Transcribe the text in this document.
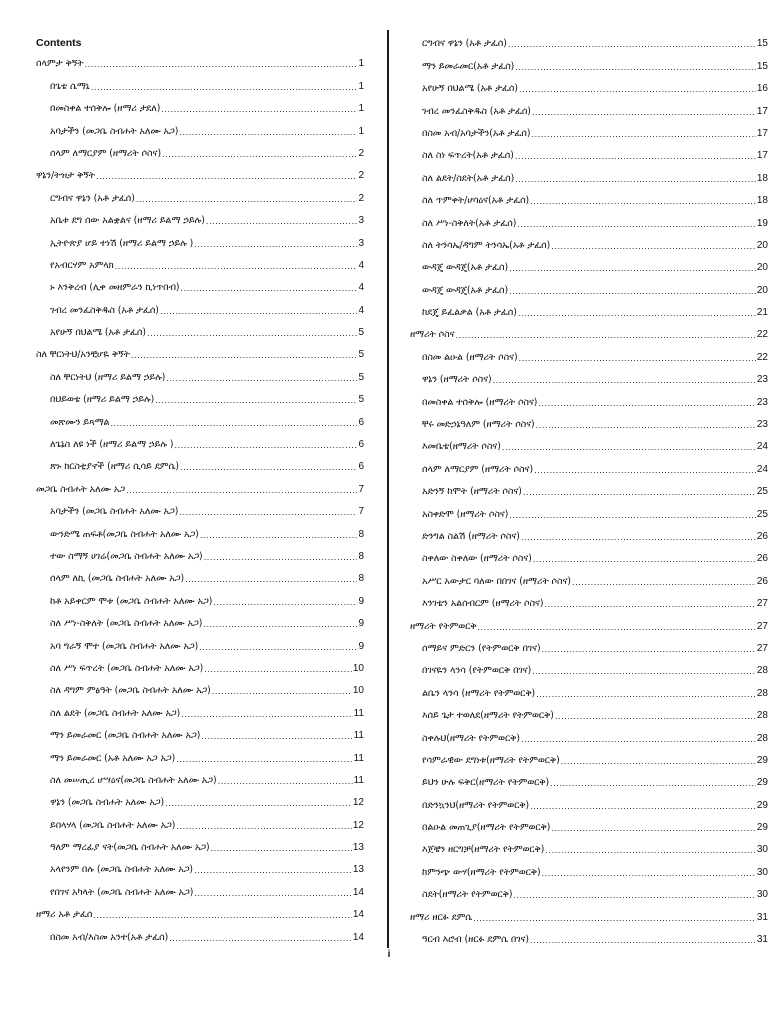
Contents
ሰላምታ ቅኝት .....	1
በጌቴ ሴማኒ .....	1
በመስቀል ተሰቅሎ (ዘማሪ ታደለ) .....	1
አባታችን (መጋቤ ስብሐት አለሙ አጋ) .....	1
ሰላም ለማርያም (ዘማሪት ሶስና) .....	2
ዋኔን/ትዝታ ቅኝት .....	2
ርግብና ዋኔን (አቶ ታፈሰ) .....	2
አቤቱ ደግ ሰው አልቋልና (ዘማሪ ይልማ ኃይሉ) .....	3
ኢትዮጵያ ሆይ ተነሽ (ዘማሪ ይልማ ኃይሉ ) .....	3
የአብርሃም አምላክ .....	4
ኑ እንቅረብ (ሊቀ መዘምራን ኪነጥበብ) .....	4
ገብረ መንፈስቅዱስ (አቶ ታፈሰ) .....	4
አየሁኝ በህልሜ (አቶ ታፈሰ) .....	5
ስለ ቸርነትህ/አንቺሆዬ ቅኝት .....	5
ስለ ቸርነትህ (ዘማሪ ይልማ ኃይሉ) .....	5
በህይወቴ (ዘማሪ ይልማ ኃይሉ) .....	5
መጽሙን ይጻማል .....	6
ለጌኔስ ለዩ ነች (ዘማሪ ይልማ ኃይሉ ) .....	6
ጽኑ ክርስቲያኖች (ዘማሪ ሲሳይ ደምሴ) .....	6
መጋቤ ስብሐት አለሙ አጋ .....	7
አባታችን (መጋቤ ስብሐት አለሙ አጋ) .....	7
ውንድሜ ጠፍቶ(መጋቤ ስብሐት አለሙ አጋ) .....	8
ተው ስማኝ ሀገሬ(መጋቤ ስብሐት አለሙ አጋ) .....	8
ሰላም ለኪ (መጋቤ ስብሐት አለሙ አጋ) .....	8
ከቶ አይቀርም ሞቱ (መጋቤ ስብሐት አለሙ አጋ) .....	9
ስለ ሥነ-ስቅለት (መጋቤ ስብሐት አለሙ አጋ) .....	9
አባ ግራኝ ሞተ (መጋቤ ስብሐት አለሙ አጋ) .....	9
ስለ ሥነ ፍጥረት (መጋቤ ስብሐት አለሙ አጋ) .....	10
ስለ ዳግም ምፅዓት (መጋቤ ስብሐት አለሙ አጋ) .....	10
ስለ ልደት (መጋቤ ስብሐት አለሙ አጋ) .....	11
ማን ይመራመር (መጋቤ ስብሐት አለሙ አጋ) .....	11
ማን ይመራመር (አቶ አለሙ አጋ አጋ) .....	11
ስለ መሠጢረ ሆሣዕና(መጋቤ ስብሐት አለሙ አጋ) .....	11
ዋኔን (መጋቤ ስብሐት አለሙ አጋ) .....	12
ይበላሃላ (መጋቤ ስብሐት አለሙ አጋ) .....	12
ዓለም ማረፊያ ናት(መጋቤ ስብሐት አለሙ አጋ) .....	13
አላየንም በሉ (መጋቤ ስብሐት አለሙ አጋ) .....	13
የበገና አካላት (መጋቤ ስብሐት አለሙ አጋ) .....	14
ዘማሪ አቶ ታፈሰ .....	14
በስመ አብ/እስመ አንተ(አቶ ታፈሰ) .....	14
ርግብና ዋኔን (አቶ ታፈሰ) .....	15
ማን ይመራመር(አቶ ታፈሰ) .....	15
አየሁኝ በህልሜ (አቶ ታፈሰ) .....	16
ገብረ መንፈስቅዱስ (አቶ ታፈሰ) .....	17
በስመ አብ/አባታችን(አቶ ታፈሰ) .....	17
ስለ ስነ ፍጥረት(አቶ ታፈሰ) .....	17
ስለ ልደት/ስደት(አቶ ታፈሰ) .....	18
ስለ ጥምቀት/ሆሳዕና(አቶ ታፈሰ) .....	18
ስለ ሥነ-ስቅለት(አቶ ታፈሰ) .....	19
ስለ ትንሳኤ/ዳግም ትንሳኤ(አቶ ታፈሰ) .....	20
ውዳጄ ውዳጄ(አቶ ታፈሰ) .....	20
ውዳጄ ውዳጄ(አቶ ታፈሰ) .....	20
ከደጄ ይፈልቃል (አቶ ታፈሰ) .....	21
ዘማሪት ሶስና .....	22
በስመ ልዑል (ዘማሪት ሶስና) .....	22
ዋኔን (ዘማሪት ሶስና) .....	23
በመስቀል ተሰቅሎ (ዘማሪት ሶስና) .....	23
ቸሩ መድኃኔዓለም (ዘማሪት ሶስና) .....	23
እመቤቴ(ዘማሪት ሶስና) .....	24
ሰላም ለማርያም (ዘማሪት ሶስና) .....	24
አድንኝ ከሞት (ዘማሪት ሶስና) .....	25
አስቀድሞ (ዘማሪት ሶስና) .....	25
ድንግል ስልሽ (ዘማሪት ሶስና) .....	26
ስቀለው ስቀለው (ዘማሪት ሶስና) .....	26
አሥር አውታር ባለው በበገና (ዘማሪት ሶስና) .....	26
እንገቴን አልሰብርም (ዘማሪት ሶስና) .....	27
ዘማሪት የትምወርቅ .....	27
ሰማይና ምድርን (የትምወርቅ በገና) .....	27
በገናዬን ላንሳ (የትምወርቅ በገና) .....	28
ልቤን ላንሳ (ዘማሪት የትምወርቅ) .....	28
እሰይ ጌታ ተወለደ(ዘማሪት የትምወርቅ) .....	28
ስቀሉህ(ዘማሪት የትምወርቅ) .....	28
የሳምራዊው ደግነቱ(ዘማሪት የትምወርቅ) .....	29
ይህን ሁሉ ፍቅር(ዘማሪት የትምወርቅ) .....	29
በድንኳንህ(ዘማሪት የትምወርቅ) .....	29
በልዑል መጠጊያ(ዘማሪት የትምወርቅ) .....	29
እጀቼን ዘርግቻ(ዘማሪት የትምወርቅ) .....	30
ከምንጭ ውሃ(ዘማሪት የትምወርቅ) .....	30
ስደት(ዘማሪት የትምወርቅ) .....	30
ዘማሪ ዘርፉ ደምሴ .....	31
ዓርብ እሮብ (ዘርፉ ደምሴ በገና) .....	31
i
